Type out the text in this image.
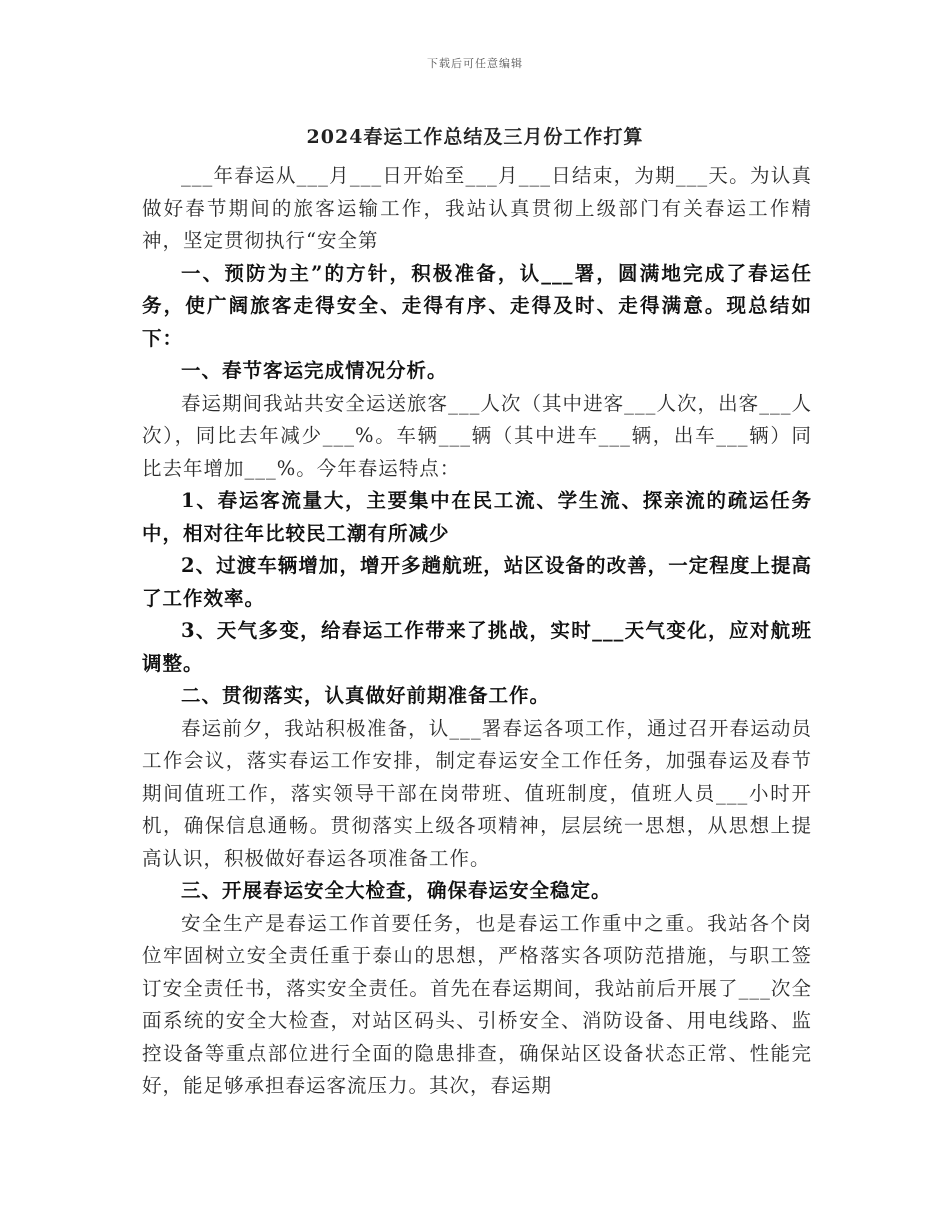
下载后可任意编辑
2024春运工作总结及三月份工作打算

___年春运从___月___日开始至___月___日结束，为期___天。为认真做好春节期间的旅客运输工作，我站认真贯彻上级部门有关春运工作精神，坚定贯彻执行“安全第

一、预防为主”的方针，积极准备，认___署，圆满地完成了春运任务，使广阔旅客走得安全、走得有序、走得及时、走得满意。现总结如下：

一、春节客运完成情况分析。

春运期间我站共安全运送旅客___人次（其中进客___人次，出客___人次），同比去年减少___%。车辆___辆（其中进车___辆，出车___辆）同比去年增加___%。今年春运特点：

1、春运客流量大，主要集中在民工流、学生流、探亲流的疏运任务中，相对往年比较民工潮有所减少

2、过渡车辆增加，增开多趟航班，站区设备的改善，一定程度上提高了工作效率。

3、天气多变，给春运工作带来了挑战，实时___天气变化，应对航班调整。

二、贯彻落实，认真做好前期准备工作。

春运前夕，我站积极准备，认___署春运各项工作，通过召开春运动员工作会议，落实春运工作安排，制定春运安全工作任务，加强春运及春节期间值班工作，落实领导干部在岗带班、值班制度，值班人员___小时开机，确保信息通畅。贯彻落实上级各项精神，层层统一思想，从思想上提高认识，积极做好春运各项准备工作。

三、开展春运安全大检查，确保春运安全稳定。

安全生产是春运工作首要任务，也是春运工作重中之重。我站各个岗位牢固树立安全责任重于泰山的思想，严格落实各项防范措施，与职工签订安全责任书，落实安全责任。首先在春运期间，我站前后开展了___次全面系统的安全大检查，对站区码头、引桥安全、消防设备、用电线路、监控设备等重点部位进行全面的隐患排查，确保站区设备状态正常、性能完好，能足够承担春运客流压力。其次，春运期
